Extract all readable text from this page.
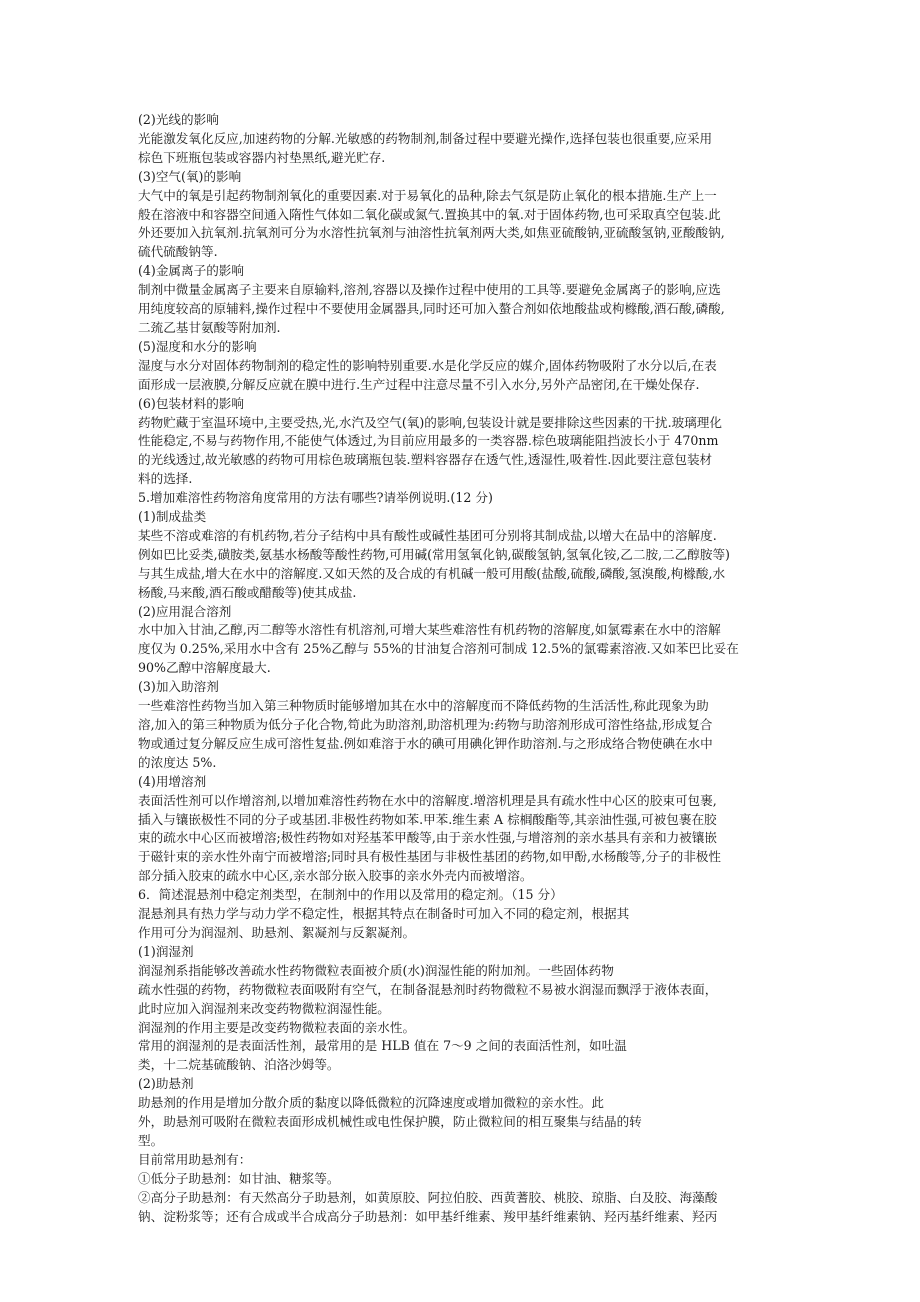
(2)光线的影响
光能激发氧化反应,加速药物的分解.光敏感的药物制剂,制备过程中要避光操作,选择包装也很重要,应采用
棕色下班瓶包装或容器内衬垫黑纸,避光贮存.
(3)空气(氧)的影响
大气中的氧是引起药物制剂氧化的重要因素.对于易氧化的品种,除去气氛是防止氧化的根本措施.生产上一
般在溶液中和容器空间通入隋性气体如二氧化碳或氮气.置换其中的氧.对于固体药物,也可采取真空包装.此
外还要加入抗氧剂.抗氧剂可分为水溶性抗氧剂与油溶性抗氧剂两大类,如焦亚硫酸钠,亚硫酸氢钠,亚酸酸钠,
硫代硫酸钠等.
(4)金属离子的影响
制剂中微量金属离子主要来自原输料,溶剂,容器以及操作过程中使用的工具等.要避免金属离子的影响,应选
用纯度较高的原辅料,操作过程中不要使用金属器具,同时还可加入螯合剂如依地酸盐或枸橼酸,酒石酸,磷酸,
二巯乙基甘氨酸等附加剂.
(5)湿度和水分的影响
湿度与水分对固体药物制剂的稳定性的影响特别重要.水是化学反应的媒介,固体药物吸附了水分以后,在表
面形成一层液膜,分解反应就在膜中进行.生产过程中注意尽量不引入水分,另外产品密闭,在干燥处保存.
(6)包装材料的影响
药物贮藏于室温环境中,主要受热,光,水汽及空气(氧)的影响,包装设计就是要排除这些因素的干扰.玻璃理化
性能稳定,不易与药物作用,不能使气体透过,为目前应用最多的一类容器.棕色玻璃能阻挡波长小于 470nm
的光线透过,故光敏感的药物可用棕色玻璃瓶包装.塑料容器存在透气性,透湿性,吸着性.因此要注意包装材
料的选择.
5.增加难溶性药物溶角度常用的方法有哪些?请举例说明.(12 分)
(1)制成盐类
某些不溶或难溶的有机药物,若分子结构中具有酸性或碱性基团可分别将其制成盐,以增大在品中的溶解度.
例如巴比妥类,磺胺类,氨基水杨酸等酸性药物,可用碱(常用氢氧化钠,碳酸氢钠,氢氧化铵,乙二胺,二乙醇胺等)
与其生成盐,增大在水中的溶解度.又如天然的及合成的有机碱一般可用酸(盐酸,硫酸,磷酸,氢溴酸,枸橼酸,水
杨酸,马来酸,酒石酸或醋酸等)使其成盐.
(2)应用混合溶剂
水中加入甘油,乙醇,丙二醇等水溶性有机溶剂,可增大某些难溶性有机药物的溶解度,如氯霉素在水中的溶解
度仅为 0.25%,采用水中含有 25%乙醇与 55%的甘油复合溶剂可制成 12.5%的氯霉素溶液.又如苯巴比妥在
90%乙醇中溶解度最大.
(3)加入助溶剂
一些难溶性药物当加入第三种物质时能够增加其在水中的溶解度而不降低药物的生活活性,称此现象为助
溶,加入的第三种物质为低分子化合物,笱此为助溶剂,助溶机理为:药物与助溶剂形成可溶性络盐,形成复合
物或通过复分解反应生成可溶性复盐.例如难溶于水的碘可用碘化钾作助溶剂.与之形成络合物使碘在水中
的浓度达 5%.
(4)用增溶剂
表面活性剂可以作增溶剂,以增加难溶性药物在水中的溶解度.增溶机理是具有疏水性中心区的胶束可包裹,
插入与镶嵌极性不同的分子或基团.非极性药物如苯.甲苯.维生素 A 棕榈酸酯等,其亲油性强,可被包裹在胶
束的疏水中心区而被增溶;极性药物如对羟基苯甲酸等,由于亲水性强,与增溶剂的亲水基具有亲和力被镶嵌
于磁针束的亲水性外南宁而被增溶;同时具有极性基团与非极性基团的药物,如甲酚,水杨酸等,分子的非极性
部分插入胶束的疏水中心区,亲水部分嵌入胶事的亲水外壳内而被增溶。
6．简述混悬剂中稳定剂类型，在制剂中的作用以及常用的稳定剂。（15 分）
混悬剂具有热力学与动力学不稳定性，根据其特点在制备时可加入不同的稳定剂，根据其
作用可分为润湿剂、助悬剂、絮凝剂与反絮凝剂。
(1)润湿剂
润湿剂系指能够改善疏水性药物微粒表面被介质(水)润湿性能的附加剂。一些固体药物
疏水性强的药物，药物微粒表面吸附有空气，在制备混悬剂时药物微粒不易被水润湿而飘浮于液体表面，
此时应加入润湿剂来改变药物微粒润湿性能。
润湿剂的作用主要是改变药物微粒表面的亲水性。
常用的润湿剂的是表面活性剂，最常用的是 HLB 值在 7～9 之间的表面活性剂，如吐温
类，十二烷基硫酸钠、泊洛沙姆等。
(2)助悬剂
助悬剂的作用是增加分散介质的黏度以降低微粒的沉降速度或增加微粒的亲水性。此
外，助悬剂可吸附在微粒表面形成机械性或电性保护膜，防止微粒间的相互聚集与结晶的转
型。
目前常用助悬剂有：
①低分子助悬剂：如甘油、糖浆等。
②高分子助悬剂：有天然高分子助悬剂，如黄原胶、阿拉伯胶、西黄蓍胶、桃胶、琼脂、白及胶、海藻酸
钠、淀粉浆等；还有合成或半合成高分子助悬剂：如甲基纤维素、羧甲基纤维素钠、羟丙基纤维素、羟丙
